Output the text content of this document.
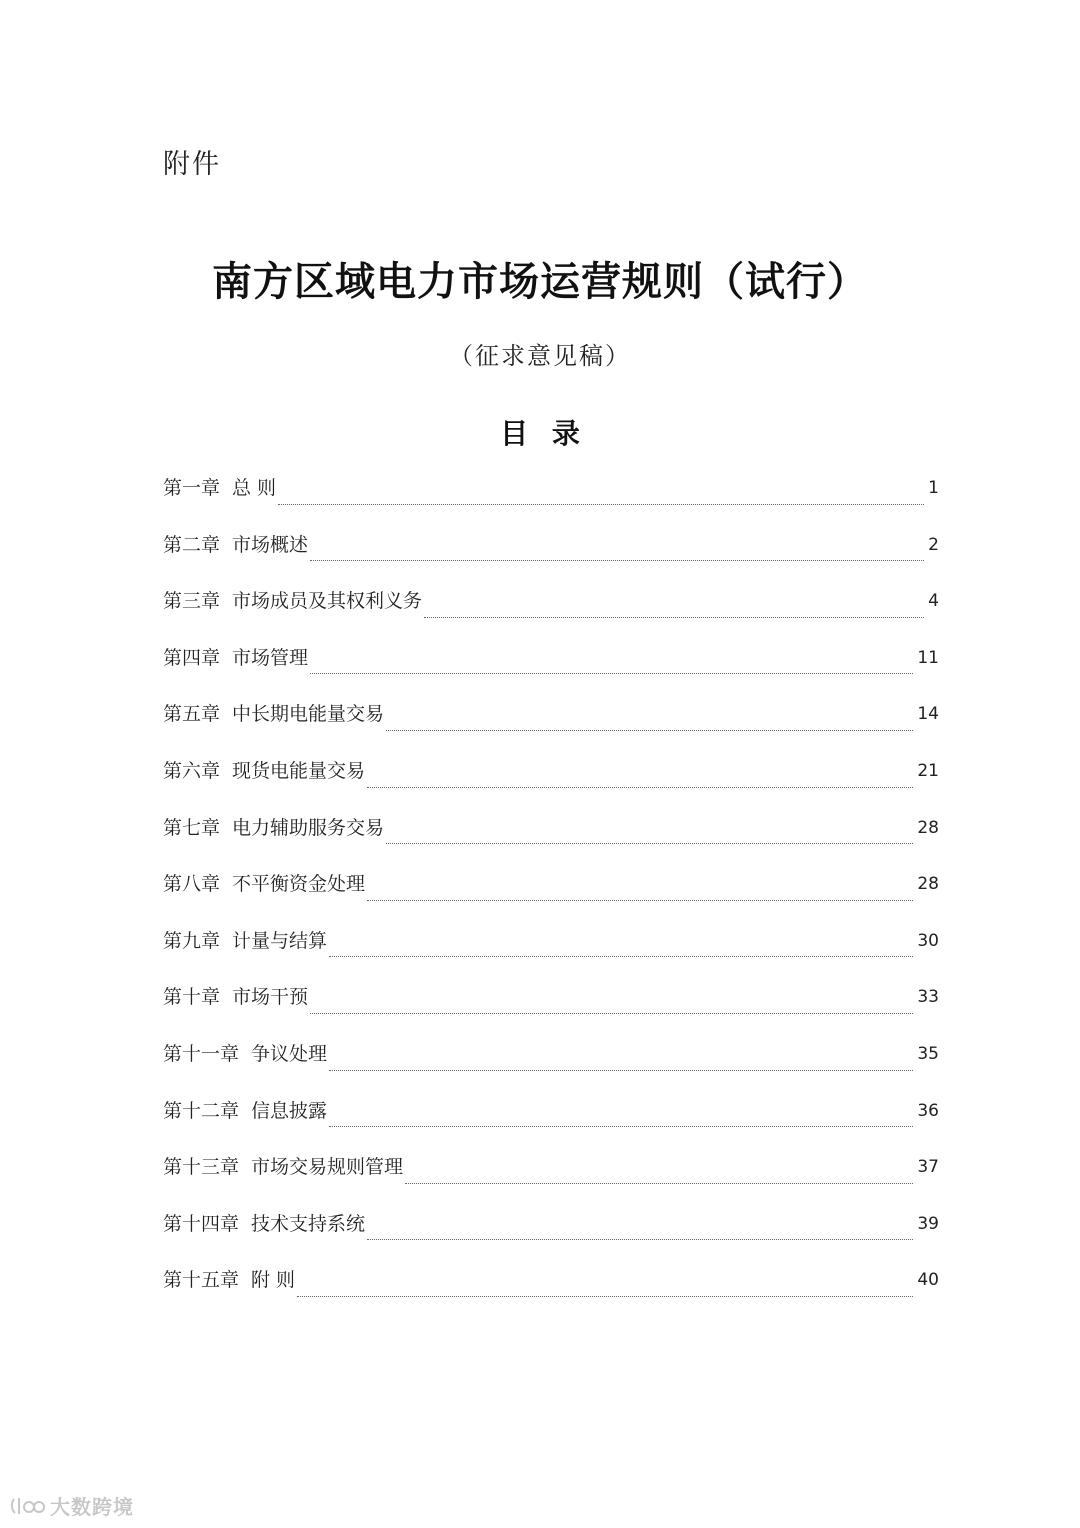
附件
南方区域电力市场运营规则（试行）
（征求意见稿）
目 录
第一章 总 则	1
第二章 市场概述	2
第三章 市场成员及其权利义务	4
第四章 市场管理	11
第五章 中长期电能量交易	14
第六章 现货电能量交易	21
第七章 电力辅助服务交易	28
第八章 不平衡资金处理	28
第九章 计量与结算	30
第十章 市场干预	33
第十一章 争议处理	35
第十二章 信息披露	36
第十三章 市场交易规则管理	37
第十四章 技术支持系统	39
第十五章 附 则	40
大数跨境
